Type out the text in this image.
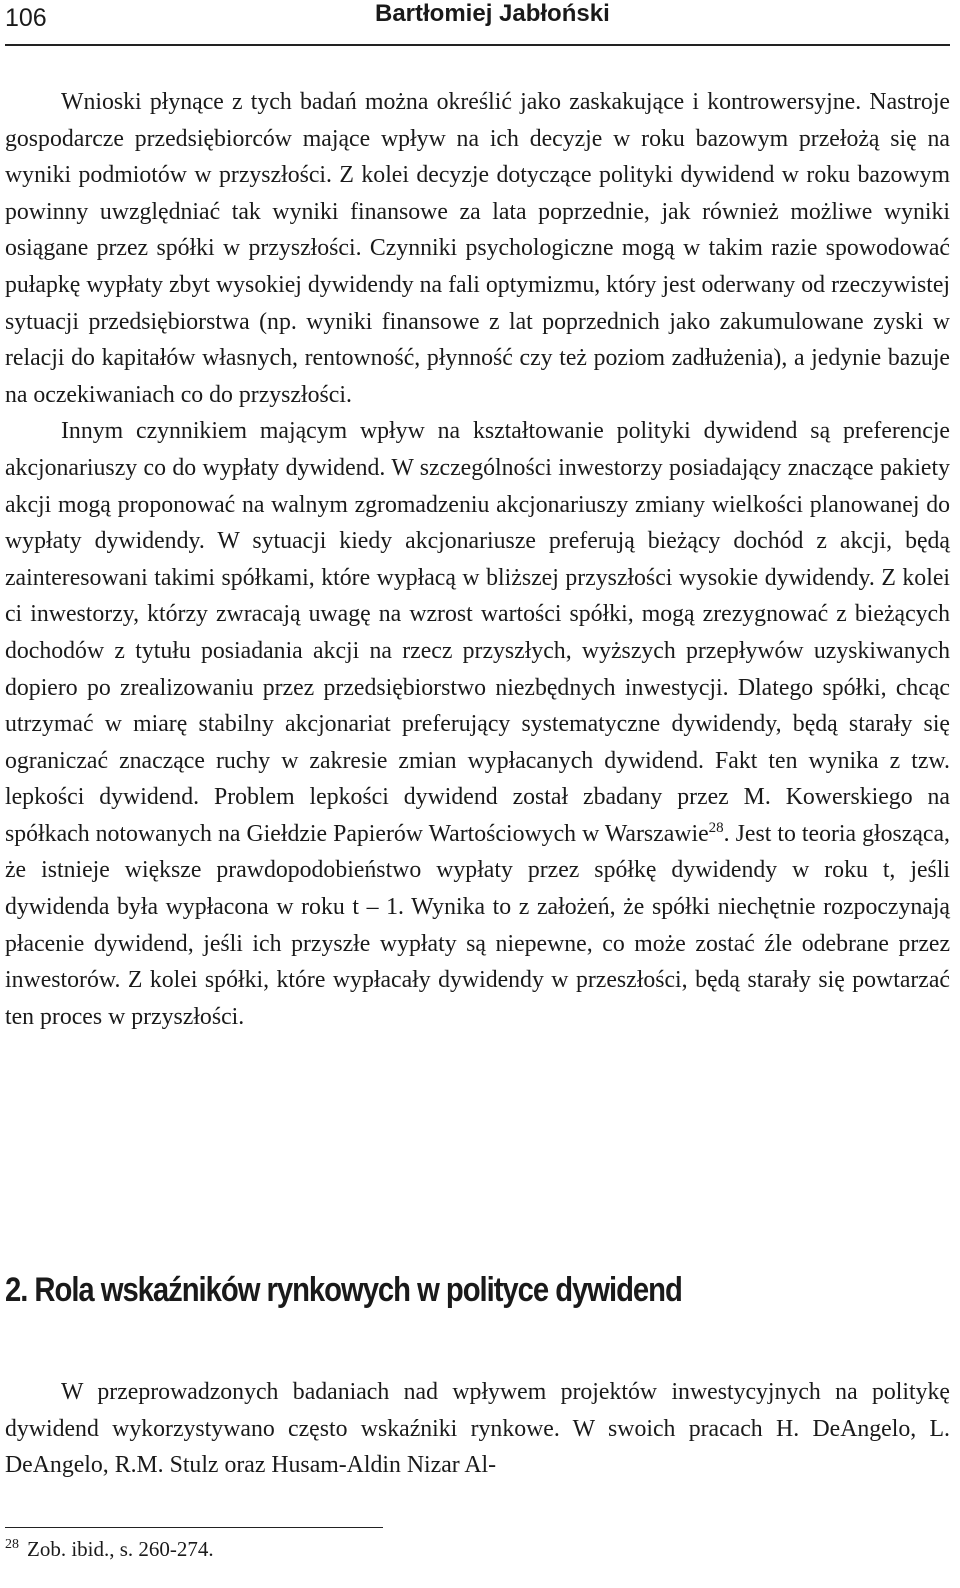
106	Bartłomiej Jabłoński

Wnioski płynące z tych badań można określić jako zaskakujące i kontrowersyjne. Nastroje gospodarcze przedsiębiorców mające wpływ na ich decyzje w roku bazowym przełożą się na wyniki podmiotów w przyszłości. Z kolei decyzje dotyczące polityki dywidend w roku bazowym powinny uwzględniać tak wyniki finansowe za lata poprzednie, jak również możliwe wyniki osiągane przez spółki w przyszłości. Czynniki psychologiczne mogą w takim razie spowodować pułapkę wypłaty zbyt wysokiej dywidendy na fali optymizmu, który jest oderwany od rzeczywistej sytuacji przedsiębiorstwa (np. wyniki finansowe z lat poprzednich jako zakumulowane zyski w relacji do kapitałów własnych, rentowność, płynność czy też poziom zadłużenia), a jedynie bazuje na oczekiwaniach co do przyszłości.

Innym czynnikiem mającym wpływ na kształtowanie polityki dywidend są preferencje akcjonariuszy co do wypłaty dywidend. W szczególności inwestorzy posiadający znaczące pakiety akcji mogą proponować na walnym zgromadzeniu akcjonariuszy zmiany wielkości planowanej do wypłaty dywidendy. W sytuacji kiedy akcjonariusze preferują bieżący dochód z akcji, będą zainteresowani takimi spółkami, które wypłacą w bliższej przyszłości wysokie dywidendy. Z kolei ci inwestorzy, którzy zwracają uwagę na wzrost wartości spółki, mogą zrezygnować z bieżących dochodów z tytułu posiadania akcji na rzecz przyszłych, wyższych przepływów uzyskiwanych dopiero po zrealizowaniu przez przedsiębiorstwo niezbędnych inwestycji. Dlatego spółki, chcąc utrzymać w miarę stabilny akcjonariat preferujący systematyczne dywidendy, będą starały się ograniczać znaczące ruchy w zakresie zmian wypłacanych dywidend. Fakt ten wynika z tzw. lepkości dywidend. Problem lepkości dywidend został zbadany przez M. Kowerskiego na spółkach notowanych na Giełdzie Papierów Wartościowych w Warszawie$^{28}$. Jest to teoria głosząca, że istnieje większe prawdopodobieństwo wypłaty przez spółkę dywidendy w roku t, jeśli dywidenda była wypłacona w roku t – 1. Wynika to z założeń, że spółki niechętnie rozpoczynają płacenie dywidend, jeśli ich przyszłe wypłaty są niepewne, co może zostać źle odebrane przez inwestorów. Z kolei spółki, które wypłacały dywidendy w przeszłości, będą starały się powtarzać ten proces w przyszłości.

2. Rola wskaźników rynkowych w polityce dywidend

W przeprowadzonych badaniach nad wpływem projektów inwestycyjnych na politykę dywidend wykorzystywano często wskaźniki rynkowe. W swoich pracach H. DeAngelo, L. DeAngelo, R.M. Stulz oraz Husam-Aldin Nizar Al-

$^{28}$ Zob. ibid., s. 260-274.
